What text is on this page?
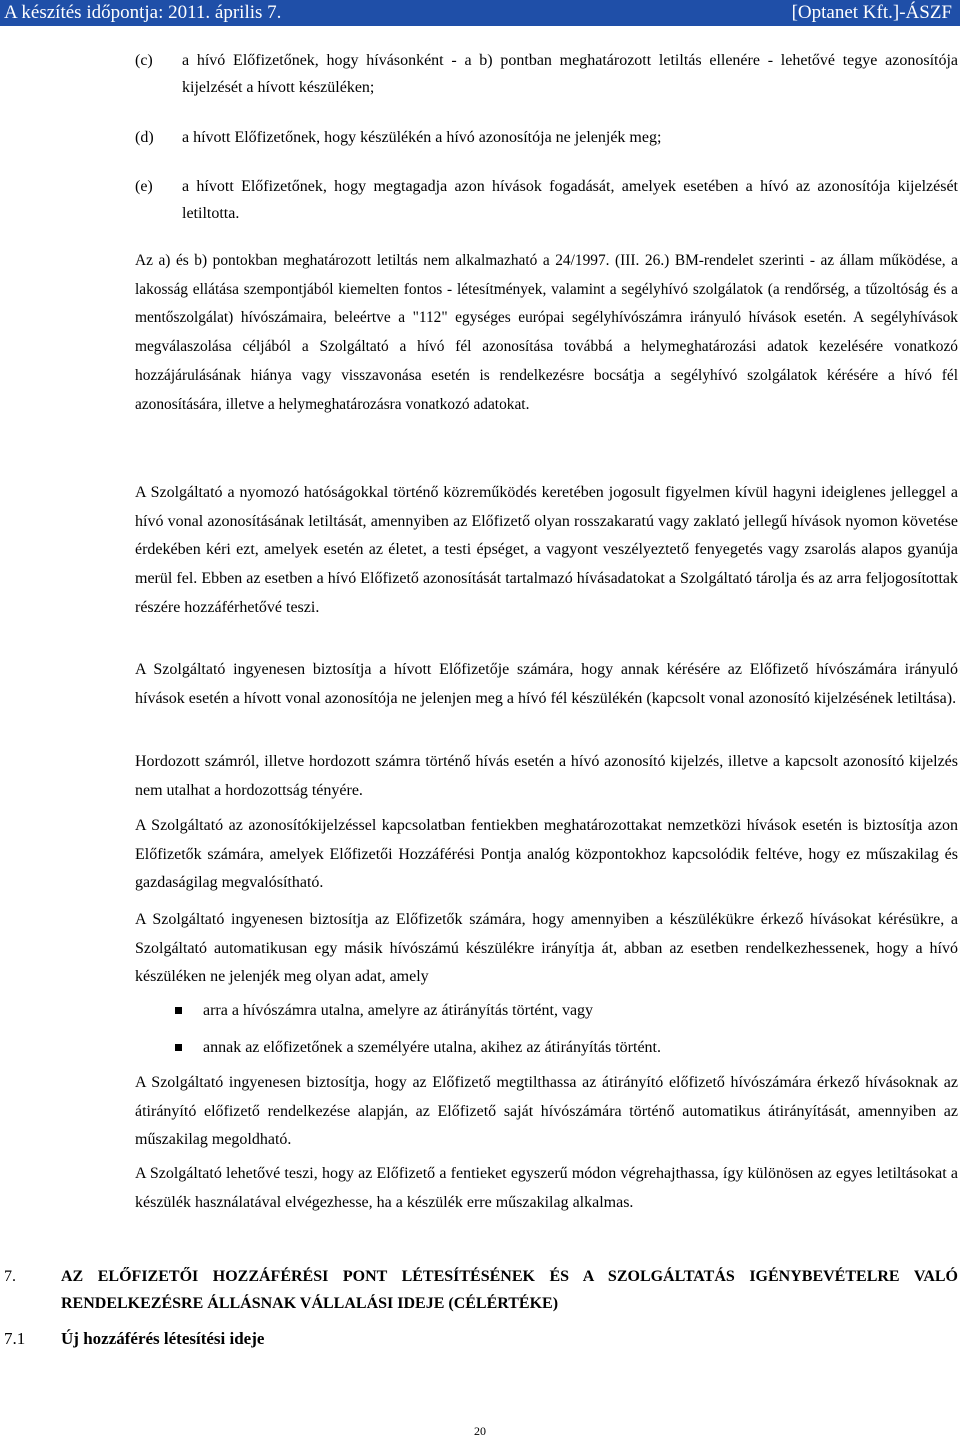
A készítés időpontja: 2011. április 7.	[Optanet Kft.]-ÁSZF
(c) a hívó Előfizetőnek, hogy hívásonként - a b) pontban meghatározott letiltás ellenére - lehetővé tegye azonosítója kijelzését a hívott készüléken;
(d) a hívott Előfizetőnek, hogy készülékén a hívó azonosítója ne jelenjék meg;
(e) a hívott Előfizetőnek, hogy megtagadja azon hívások fogadását, amelyek esetében a hívó az azonosítója kijelzését letiltotta.

Az a) és b) pontokban meghatározott letiltás nem alkalmazható a 24/1997. (III. 26.) BM-rendelet szerinti - az állam működése, a lakosság ellátása szempontjából kiemelten fontos - létesítmények, valamint a segélyhívó szolgálatok (a rendőrség, a tűzoltóság és a mentőszolgálat) hívószámaira, beleértve a "112" egységes európai segélyhívószámra irányuló hívások esetén. A segélyhívások megválaszolása céljából a Szolgáltató a hívó fél azonosítása továbbá a helymeghatározási adatok kezelésére vonatkozó hozzájárulásának hiánya vagy visszavonása esetén is rendelkezésre bocsátja a segélyhívó szolgálatok kérésére a hívó fél azonosítására, illetve a helymeghatározásra vonatkozó adatokat.

A Szolgáltató a nyomozó hatóságokkal történő közreműködés keretében jogosult figyelmen kívül hagyni ideiglenes jelleggel a hívó vonal azonosításának letiltását, amennyiben az Előfizető olyan rosszakaratú vagy zaklató jellegű hívások nyomon követése érdekében kéri ezt, amelyek esetén az életet, a testi épséget, a vagyont veszélyeztető fenyegetés vagy zsarolás alapos gyanúja merül fel. Ebben az esetben a hívó Előfizető azonosítását tartalmazó hívásadatokat a Szolgáltató tárolja és az arra feljogosítottak részére hozzáférhetővé teszi.

A Szolgáltató ingyenesen biztosítja a hívott Előfizetője számára, hogy annak kérésére az Előfizető hívószámára irányuló hívások esetén a hívott vonal azonosítója ne jelenjen meg a hívó fél készülékén (kapcsolt vonal azonosító kijelzésének letiltása).

Hordozott számról, illetve hordozott számra történő hívás esetén a hívó azonosító kijelzés, illetve a kapcsolt azonosító kijelzés nem utalhat a hordozottság tényére.

A Szolgáltató az azonosítókijelzéssel kapcsolatban fentiekben meghatározottakat nemzetközi hívások esetén is biztosítja azon Előfizetők számára, amelyek Előfizetői Hozzáférési Pontja analóg központokhoz kapcsolódik feltéve, hogy ez műszakilag és gazdaságilag megvalósítható.

A Szolgáltató ingyenesen biztosítja az Előfizetők számára, hogy amennyiben a készülékükre érkező hívásokat kérésükre, a Szolgáltató automatikusan egy másik hívószámú készülékre irányítja át, abban az esetben rendelkezhessenek, hogy a hívó készüléken ne jelenjék meg olyan adat, amely

arra a hívószámra utalna, amelyre az átirányítás történt, vagy
annak az előfizetőnek a személyére utalna, akihez az átirányítás történt.

A Szolgáltató ingyenesen biztosítja, hogy az Előfizető megtilthassa az átirányító előfizető hívószámára érkező hívásoknak az átirányító előfizető rendelkezése alapján, az Előfizető saját hívószámára történő automatikus átirányítását, amennyiben az műszakilag megoldható.

A Szolgáltató lehetővé teszi, hogy az Előfizető a fentieket egyszerű módon végrehajthassa, így különösen az egyes letiltásokat a készülék használatával elvégezhesse, ha a készülék erre műszakilag alkalmas.

7.	AZ ELŐFIZETŐI HOZZÁFÉRÉSI PONT LÉTESÍTÉSÉNEK ÉS A SZOLGÁLTATÁS IGÉNYBEVÉTELRE VALÓ RENDELKEZÉSRE ÁLLÁSNAK VÁLLALÁSI IDEJE (CÉLÉRTÉKE)
7.1 Új hozzáférés létesítési ideje
20
